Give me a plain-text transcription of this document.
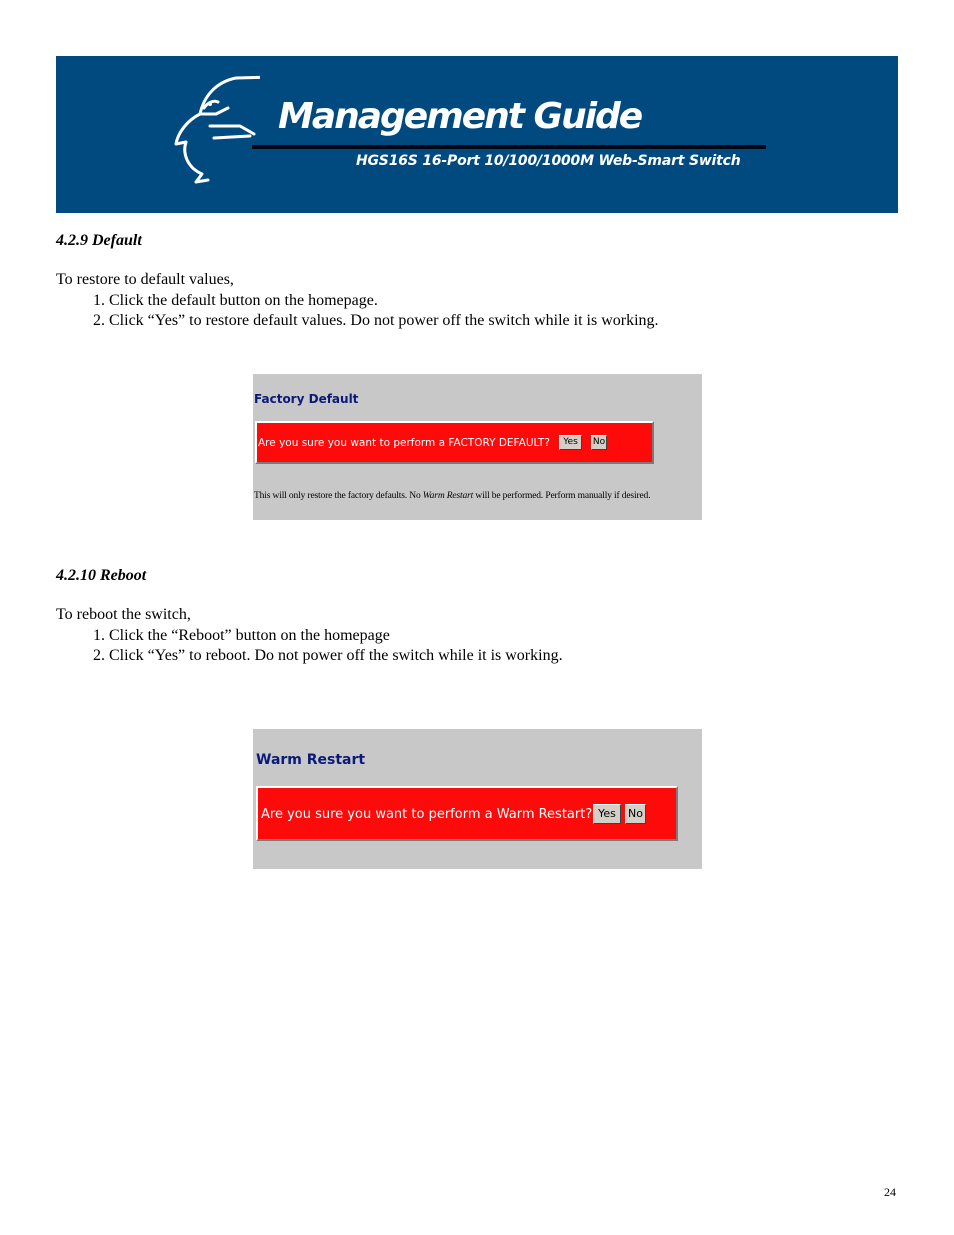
Management Guide
HGS16S 16-Port 10/100/1000M Web-Smart Switch
4.2.9 Default
To restore to default values,
1. Click the default button on the homepage.
2. Click “Yes” to restore default values. Do not power off the switch while it is working.
Factory Default
Are you sure you want to perform a FACTORY DEFAULT?	Yes	No
This will only restore the factory defaults. No Warm Restart will be performed. Perform manually if desired.
4.2.10 Reboot
To reboot the switch,
1. Click the “Reboot” button on the homepage
2. Click “Yes” to reboot. Do not power off the switch while it is working.
Warm Restart
Are you sure you want to perform a Warm Restart? Yes	No
24
